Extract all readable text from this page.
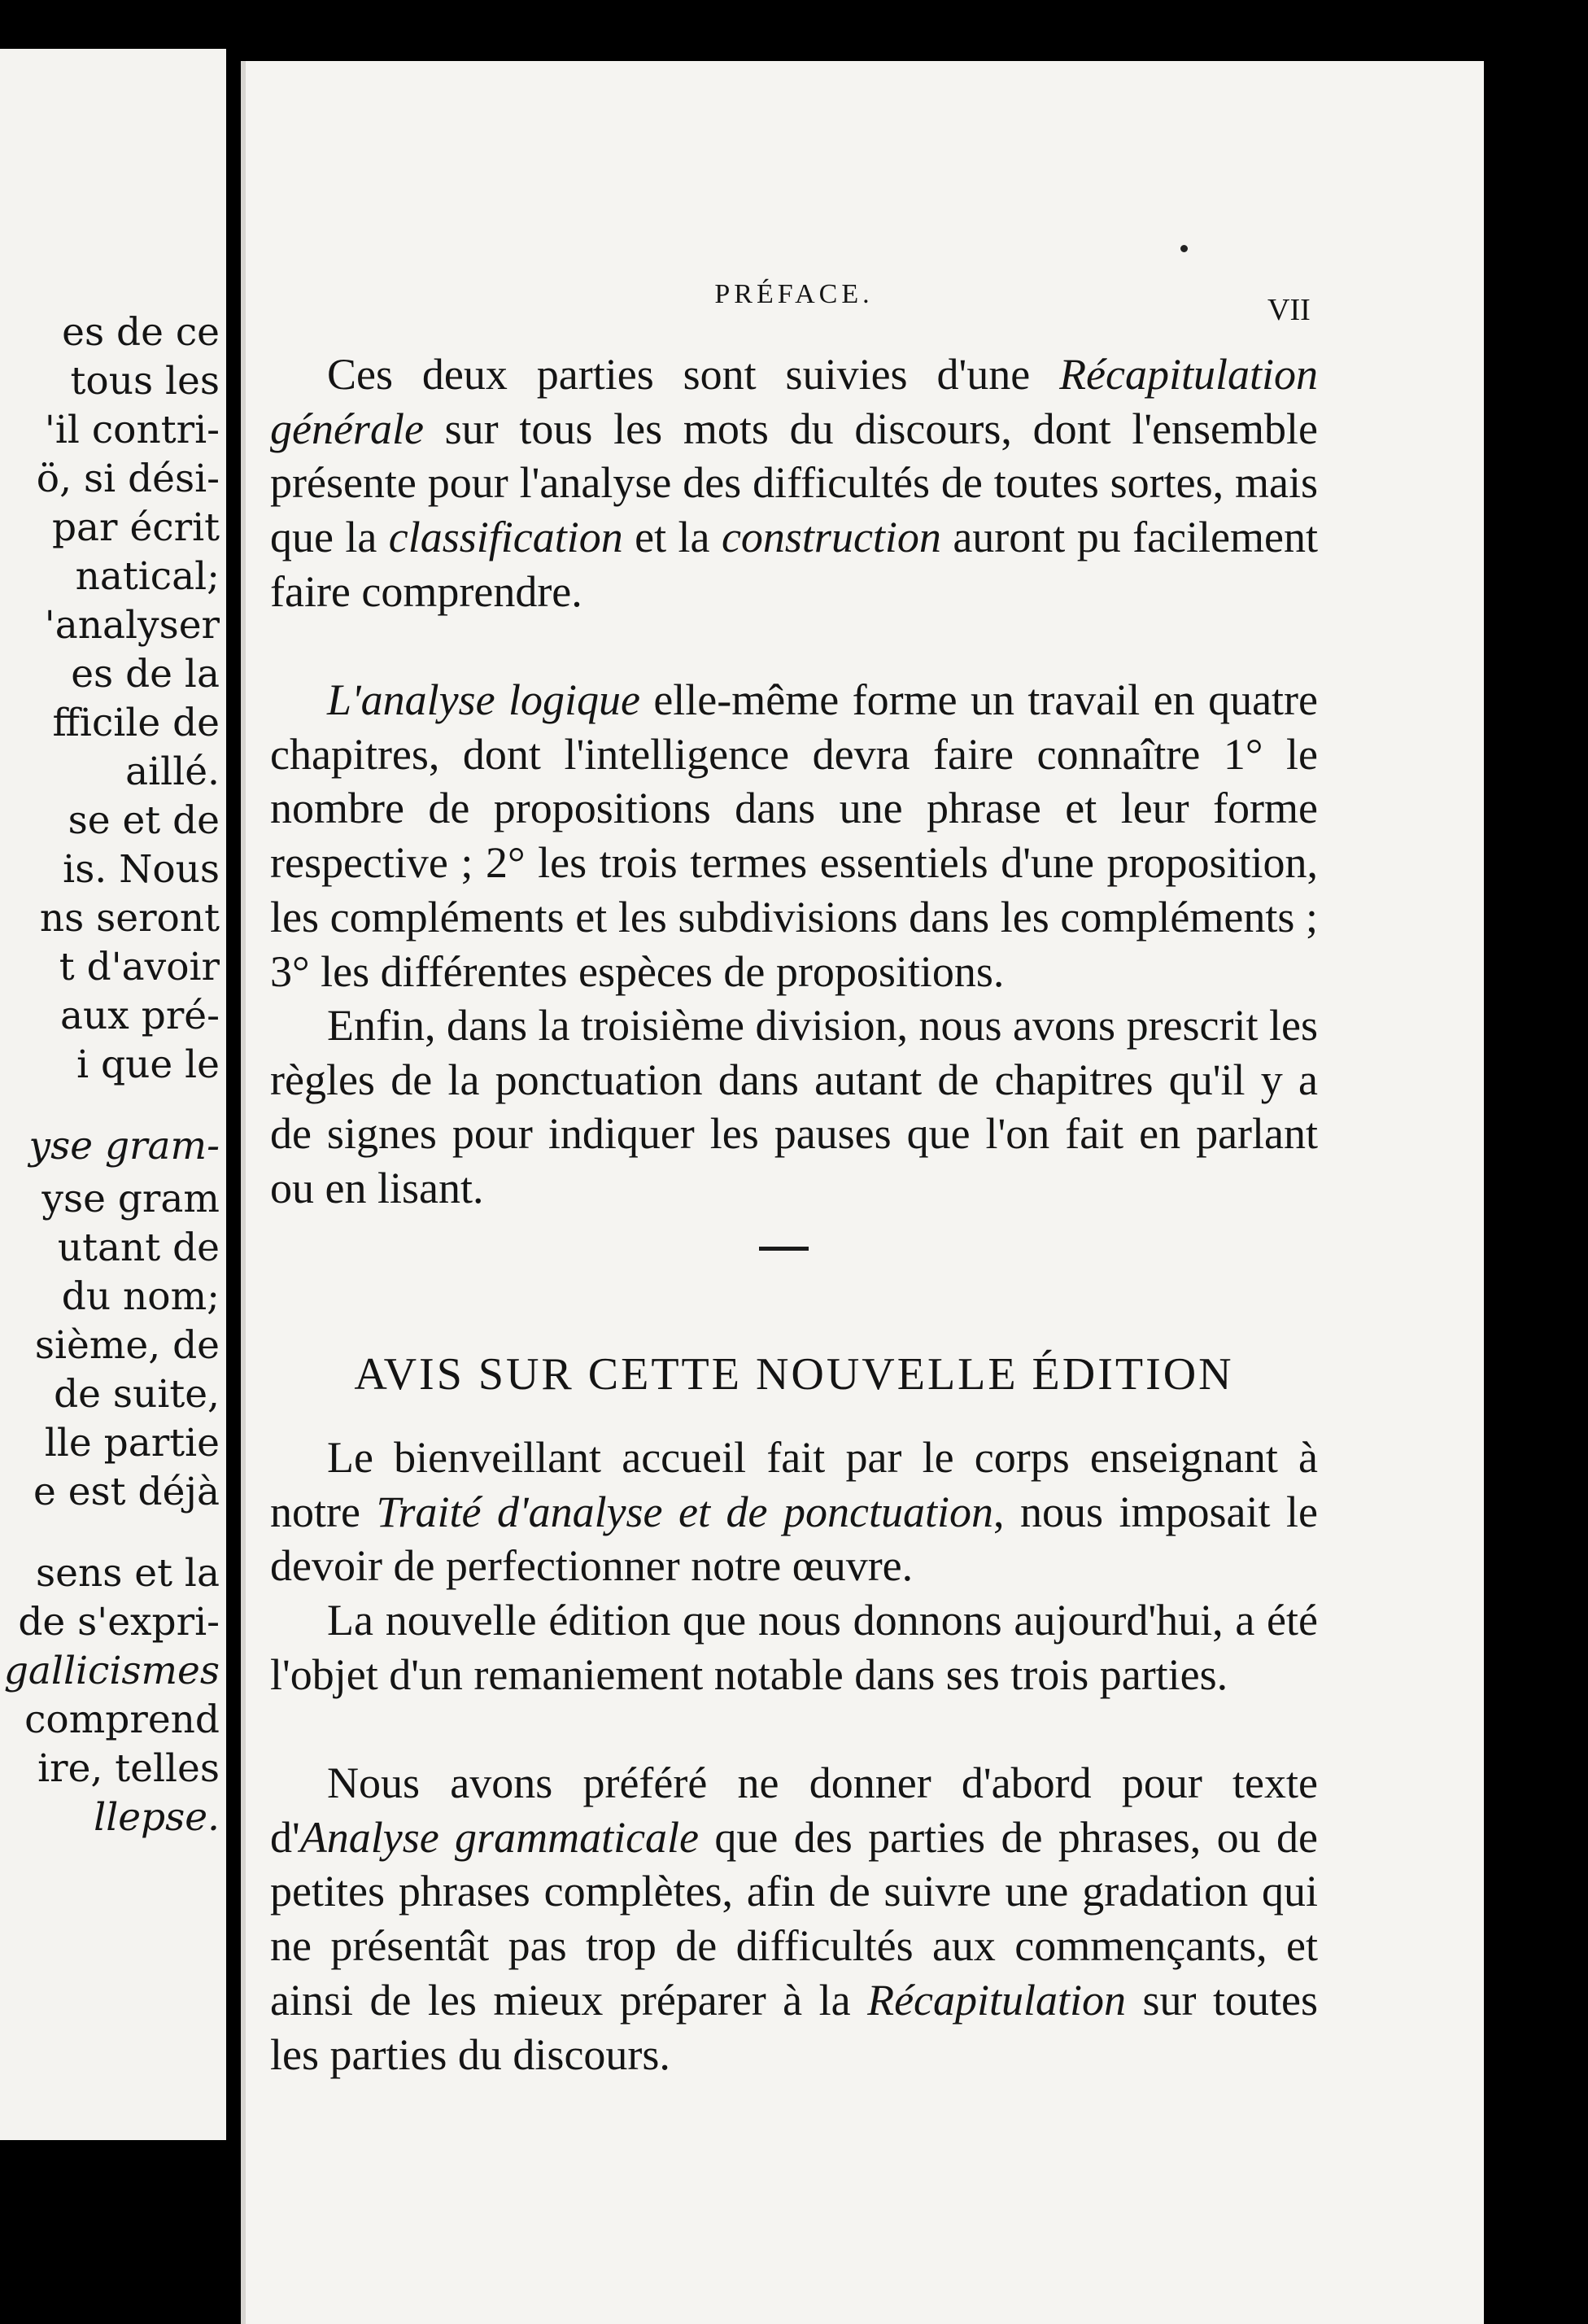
es de ce
tous les
'il contri-
ö, si dési-
par écrit
natical;
'analyser
es de la
fficile de
aillé.
se et de
is. Nous
ns seront
t d'avoir
aux pré-
i que le
yse gram-
yse gram
utant de
du nom;
sième, de
de suite,
lle partie
e est déjà
sens et la
de s'expri-
gallicismes
comprend
ire, telles
llepse.
PRÉFACE.	VII

Ces deux parties sont suivies d'une Récapitulation générale sur tous les mots du discours, dont l'ensemble présente pour l'analyse des difficultés de toutes sortes, mais que la classification et la construction auront pu facilement faire comprendre.

L'analyse logique elle-même forme un travail en quatre chapitres, dont l'intelligence devra faire connaître 1° le nombre de propositions dans une phrase et leur forme respective ; 2° les trois termes essentiels d'une proposition, les compléments et les subdivisions dans les compléments ; 3° les différentes espèces de propositions.

Enfin, dans la troisième division, nous avons prescrit les règles de la ponctuation dans autant de chapitres qu'il y a de signes pour indiquer les pauses que l'on fait en parlant ou en lisant.

AVIS SUR CETTE NOUVELLE ÉDITION

Le bienveillant accueil fait par le corps enseignant à notre Traité d'analyse et de ponctuation, nous imposait le devoir de perfectionner notre œuvre.

La nouvelle édition que nous donnons aujourd'hui, a été l'objet d'un remaniement notable dans ses trois parties.

Nous avons préféré ne donner d'abord pour texte d'Analyse grammaticale que des parties de phrases, ou de petites phrases complètes, afin de suivre une gradation qui ne présentât pas trop de difficultés aux commençants, et ainsi de les mieux préparer à la Récapitulation sur toutes les parties du discours.
